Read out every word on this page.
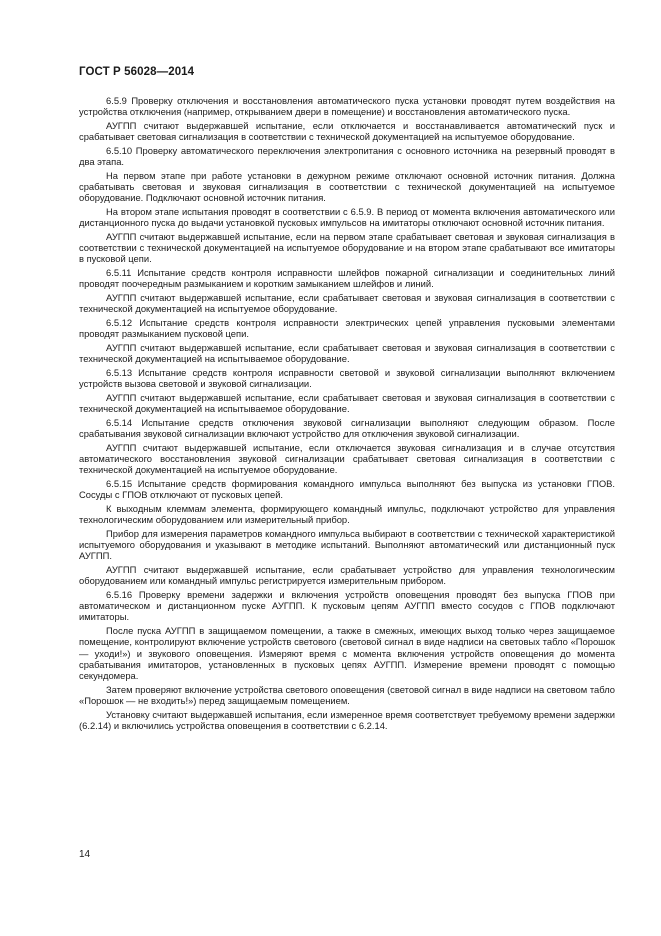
ГОСТ Р 56028—2014

6.5.9 Проверку отключения и восстановления автоматического пуска установки проводят путем воздействия на устройства отключения (например, открыванием двери в помещение) и восстановления автоматического пуска.

АУГПП считают выдержавшей испытание, если отключается и восстанавливается автоматический пуск и срабатывает световая сигнализация в соответствии с технической документацией на испытуемое оборудование.

6.5.10 Проверку автоматического переключения электропитания с основного источника на резервный проводят в два этапа.

На первом этапе при работе установки в дежурном режиме отключают основной источник питания. Должна срабатывать световая и звуковая сигнализация в соответствии с технической документацией на испытуемое оборудование. Подключают основной источник питания.

На втором этапе испытания проводят в соответствии с 6.5.9. В период от момента включения автоматического или дистанционного пуска до выдачи установкой пусковых импульсов на имитаторы отключают основной источник питания.

АУГПП считают выдержавшей испытание, если на первом этапе срабатывает световая и звуковая сигнализация в соответствии с технической документацией на испытуемое оборудование и на втором этапе срабатывают все имитаторы в пусковой цепи.

6.5.11 Испытание средств контроля исправности шлейфов пожарной сигнализации и соединительных линий проводят поочередным размыканием и коротким замыканием шлейфов и линий.

АУГПП считают выдержавшей испытание, если срабатывает световая и звуковая сигнализация в соответствии с технической документацией на испытуемое оборудование.

6.5.12 Испытание средств контроля исправности электрических цепей управления пусковыми элементами проводят размыканием пусковой цепи.

АУГПП считают выдержавшей испытание, если срабатывает световая и звуковая сигнализация в соответствии с технической документацией на испытываемое оборудование.

6.5.13 Испытание средств контроля исправности световой и звуковой сигнализации выполняют включением устройств вызова световой и звуковой сигнализации.

АУГПП считают выдержавшей испытание, если срабатывает световая и звуковая сигнализация в соответствии с технической документацией на испытываемое оборудование.

6.5.14 Испытание средств отключения звуковой сигнализации выполняют следующим образом. После срабатывания звуковой сигнализации включают устройство для отключения звуковой сигнализации.

АУГПП считают выдержавшей испытание, если отключается звуковая сигнализация и в случае отсутствия автоматического восстановления звуковой сигнализации срабатывает световая сигнализация в соответствии с технической документацией на испытуемое оборудование.

6.5.15 Испытание средств формирования командного импульса выполняют без выпуска из установки ГПОВ. Сосуды с ГПОВ отключают от пусковых цепей.

К выходным клеммам элемента, формирующего командный импульс, подключают устройство для управления технологическим оборудованием или измерительный прибор.

Прибор для измерения параметров командного импульса выбирают в соответствии с технической характеристикой испытуемого оборудования и указывают в методике испытаний. Выполняют автоматический или дистанционный пуск АУГПП.

АУГПП считают выдержавшей испытание, если срабатывает устройство для управления технологическим оборудованием или командный импульс регистрируется измерительным прибором.

6.5.16 Проверку времени задержки и включения устройств оповещения проводят без выпуска ГПОВ при автоматическом и дистанционном пуске АУГПП. К пусковым цепям АУГПП вместо сосудов с ГПОВ подключают имитаторы.

После пуска АУГПП в защищаемом помещении, а также в смежных, имеющих выход только через защищаемое помещение, контролируют включение устройств светового (световой сигнал в виде надписи на световых табло «Порошок — уходи!») и звукового оповещения. Измеряют время с момента включения устройств оповещения до момента срабатывания имитаторов, установленных в пусковых цепях АУГПП. Измерение времени проводят с помощью секундомера.

Затем проверяют включение устройства светового оповещения (световой сигнал в виде надписи на световом табло «Порошок — не входить!») перед защищаемым помещением.

Установку считают выдержавшей испытания, если измеренное время соответствует требуемому времени задержки (6.2.14) и включились устройства оповещения в соответствии с 6.2.14.

14
